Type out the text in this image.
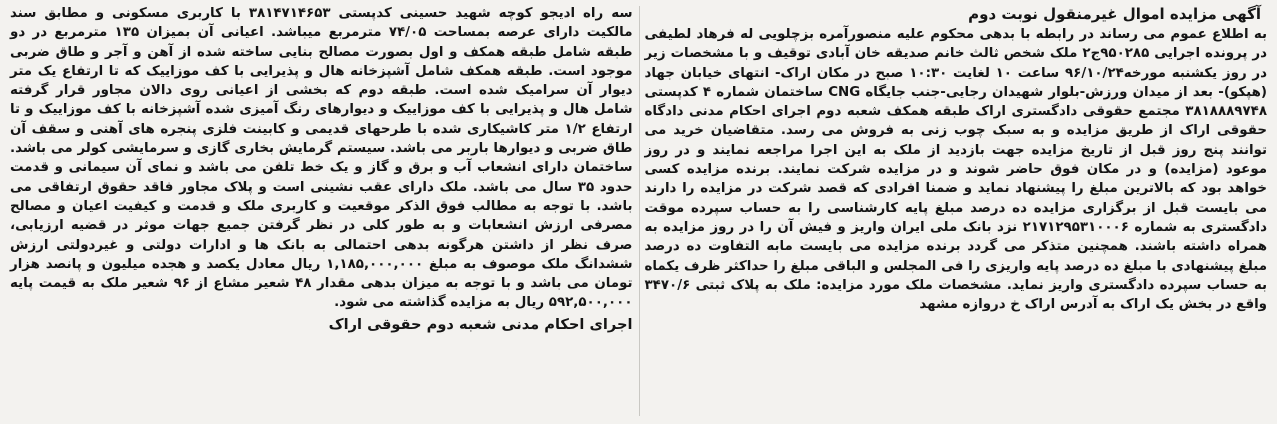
آگهی مزایده اموال غیرمنقول نوبت دوم

به اطلاع عموم می رساند در رابطه با بدهی محکوم علیه منصورآمره بزچلویی له فرهاد لطیفی در پرونده اجرایی ۹۵۰۲۸۵ج۲ ملک شخص ثالث خانم صدیقه خان آبادی توقیف و با مشخصات زیر در روز یکشنبه مورخه۹۶/۱۰/۲۴ ساعت ۱۰ لغایت ۱۰:۳۰ صبح در مکان اراک- انتهای خیابان جهاد (هپکو)- بعد از میدان ورزش-بلوار شهیدان رجایی-جنب جایگاه CNG ساختمان شماره ۴ کدپستی ۳۸۱۸۸۸۹۷۴۸ مجتمع حقوقی دادگستری اراک طبقه همکف شعبه دوم اجرای احکام مدنی دادگاه حقوقی اراک از طریق مزایده و به سبک چوب زنی به فروش می رسد. متقاضیان خرید می توانند پنج روز قبل از تاریخ مزایده جهت بازدید از ملک به این اجرا مراجعه نمایند و در روز موعود (مزایده) و در مکان فوق حاضر شوند و در مزایده شرکت نمایند. برنده مزایده کسی خواهد بود که بالاترین مبلغ را پیشنهاد نماید و ضمنا افرادی که قصد شرکت در مزایده را دارند می بایست قبل از برگزاری مزایده ده درصد مبلغ پایه کارشناسی را به حساب سپرده موقت دادگستری به شماره ۲۱۷۱۲۹۵۳۱۰۰۰۶ نزد بانک ملی ایران واریز و فیش آن را در روز مزایده به همراه داشته باشند. همچنین متذکر می گردد برنده مزایده می بایست مابه التفاوت ده درصد مبلغ پیشنهادی با مبلغ ده درصد پایه واریزی را فی المجلس و الباقی مبلغ را حداکثر ظرف یکماه به حساب سپرده دادگستری واریز نماید. مشخصات ملک مورد مزایده: ملک به پلاک ثبتی ۳۴۷۰/۶ واقع در بخش یک اراک به آدرس اراک خ دروازه مشهد

سه راه ادیجو کوچه شهید حسینی کدپستی ۳۸۱۴۷۱۴۶۵۳ با کاربری مسکونی و مطابق سند مالکیت دارای عرصه بمساحت ۷۴/۰۵ مترمربع میباشد. اعیانی آن بمیزان ۱۳۵ مترمربع در دو طبقه شامل طبقه همکف و اول بصورت مصالح بنایی ساخته شده از آهن و آجر و طاق ضربی موجود است. طبقه همکف شامل آشپزخانه هال و پذیرایی با کف موزاییک که تا ارتفاع یک متر دیوار آن سرامیک شده است. طبقه دوم که بخشی از اعیانی روی دالان مجاور قرار گرفته شامل هال و پذیرایی با کف موزاییک و دیوارهای رنگ آمیزی شده آشپزخانه با کف موزاییک و تا ارتفاع ۱/۲ متر کاشیکاری شده با طرحهای قدیمی و کابینت فلزی پنجره های آهنی و سقف آن طاق ضربی و دیوارها باربر می باشد. سیستم گرمایش بخاری گازی و سرمایشی کولر می باشد. ساختمان دارای انشعاب آب و برق و گاز و یک خط تلفن می باشد و نمای آن سیمانی و قدمت حدود ۳۵ سال می باشد. ملک دارای عقب نشینی است و پلاک مجاور فاقد حقوق ارتفاقی می باشد. با توجه به مطالب فوق الذکر موقعیت و کاربری ملک و قدمت و کیفیت اعیان و مصالح مصرفی ارزش انشعابات و به طور کلی در نظر گرفتن جمیع جهات موثر در قضیه ارزیابی، صرف نظر از داشتن هرگونه بدهی احتمالی به بانک ها و ادارات دولتی و غیردولتی ارزش ششدانگ ملک موصوف به مبلغ ۱,۱۸۵,۰۰۰,۰۰۰ ریال معادل یکصد و هجده میلیون و پانصد هزار تومان می باشد و با توجه به میزان بدهی مقدار ۴۸ شعیر مشاع از ۹۶ شعیر ملک به قیمت پایه ۵۹۲,۵۰۰,۰۰۰ ریال به مزایده گذاشته می شود.

اجرای احکام مدنی شعبه دوم حقوقی اراک
